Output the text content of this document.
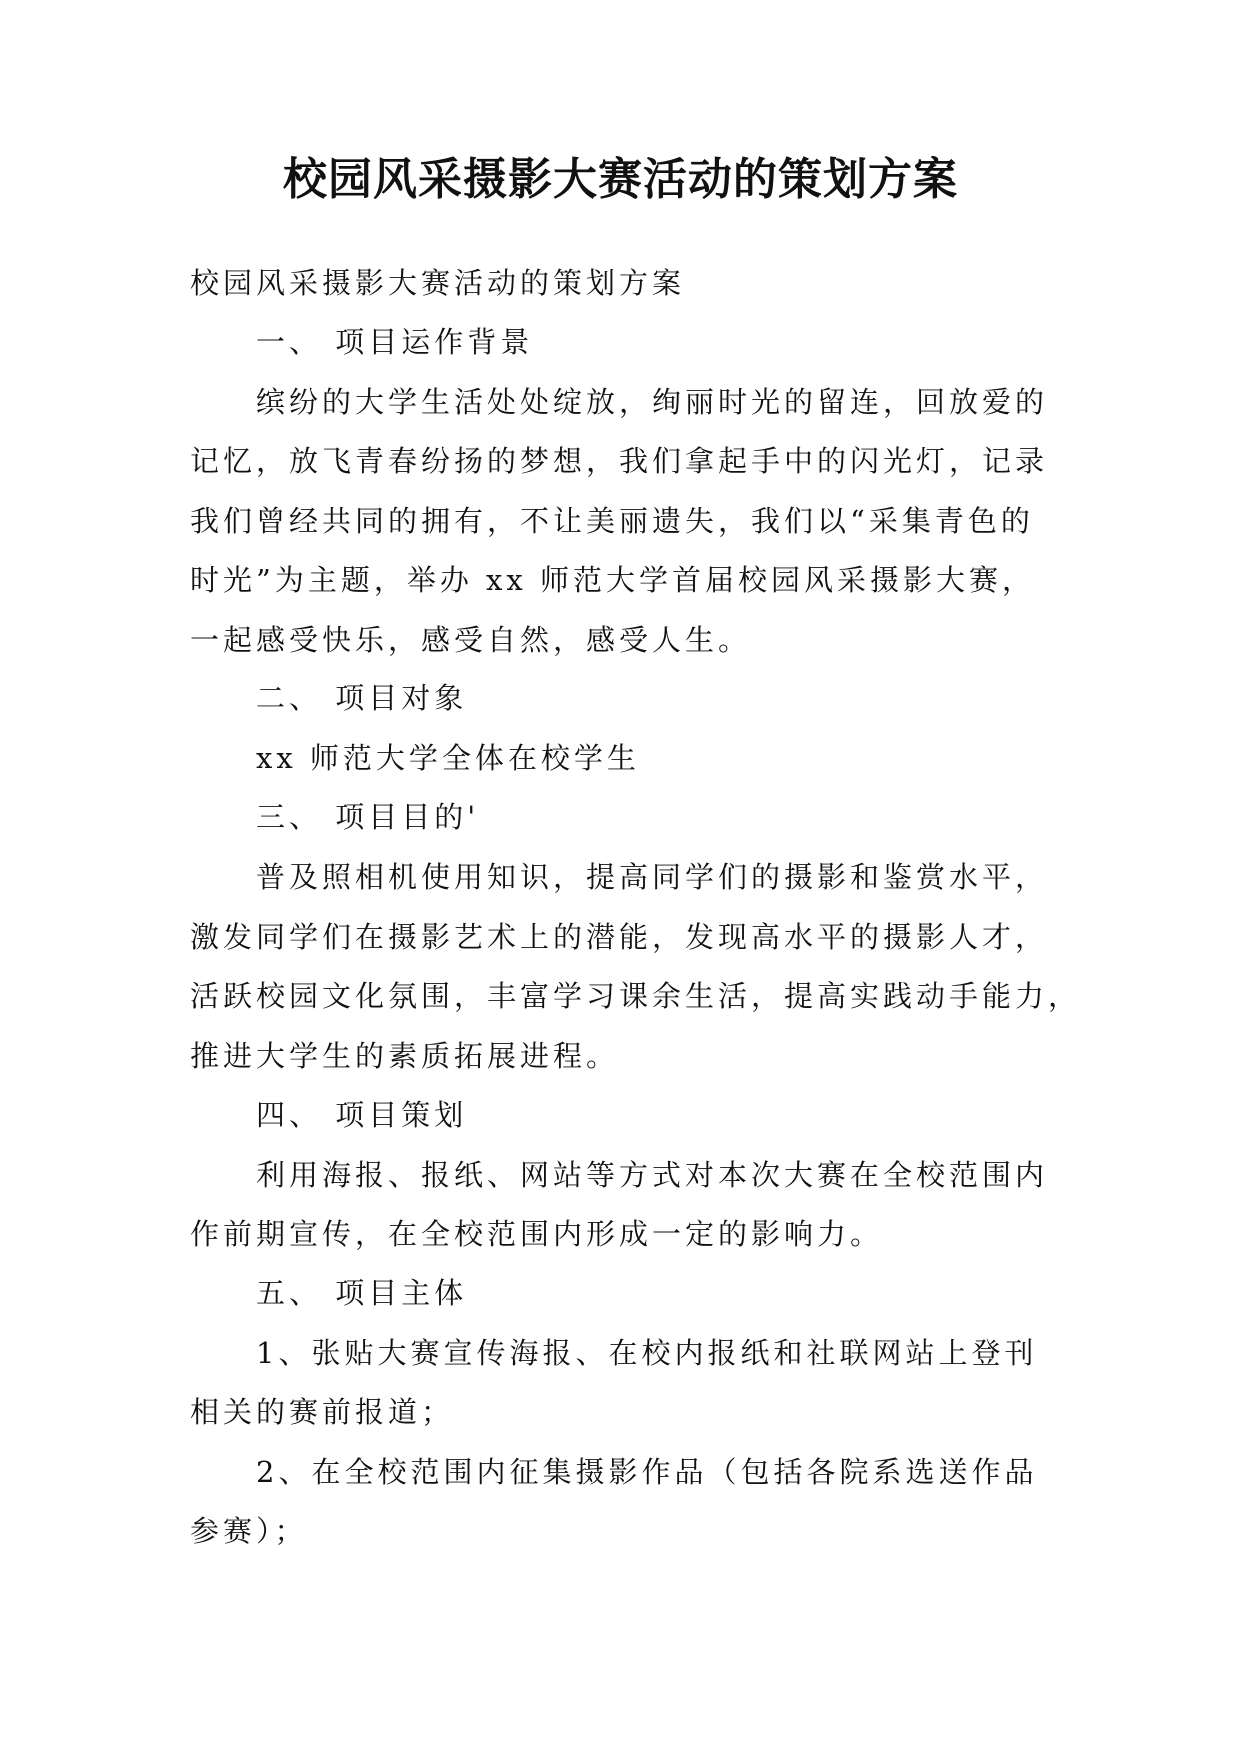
校园风采摄影大赛活动的策划方案

校园风采摄影大赛活动的策划方案

一、 项目运作背景

缤纷的大学生活处处绽放，绚丽时光的留连，回放爱的

记忆，放飞青春纷扬的梦想，我们拿起手中的闪光灯，记录

我们曾经共同的拥有，不让美丽遗失，我们以“采集青色的

时光”为主题，举办 xx 师范大学首届校园风采摄影大赛，

一起感受快乐，感受自然，感受人生。

二、 项目对象

xx 师范大学全体在校学生

三、 项目目的'

普及照相机使用知识，提高同学们的摄影和鉴赏水平，

激发同学们在摄影艺术上的潜能，发现高水平的摄影人才，

活跃校园文化氛围，丰富学习课余生活，提高实践动手能力，

推进大学生的素质拓展进程。

四、 项目策划

利用海报、报纸、网站等方式对本次大赛在全校范围内

作前期宣传，在全校范围内形成一定的影响力。

五、 项目主体

1、张贴大赛宣传海报、在校内报纸和社联网站上登刊

相关的赛前报道；

2、在全校范围内征集摄影作品（包括各院系选送作品

参赛）；
